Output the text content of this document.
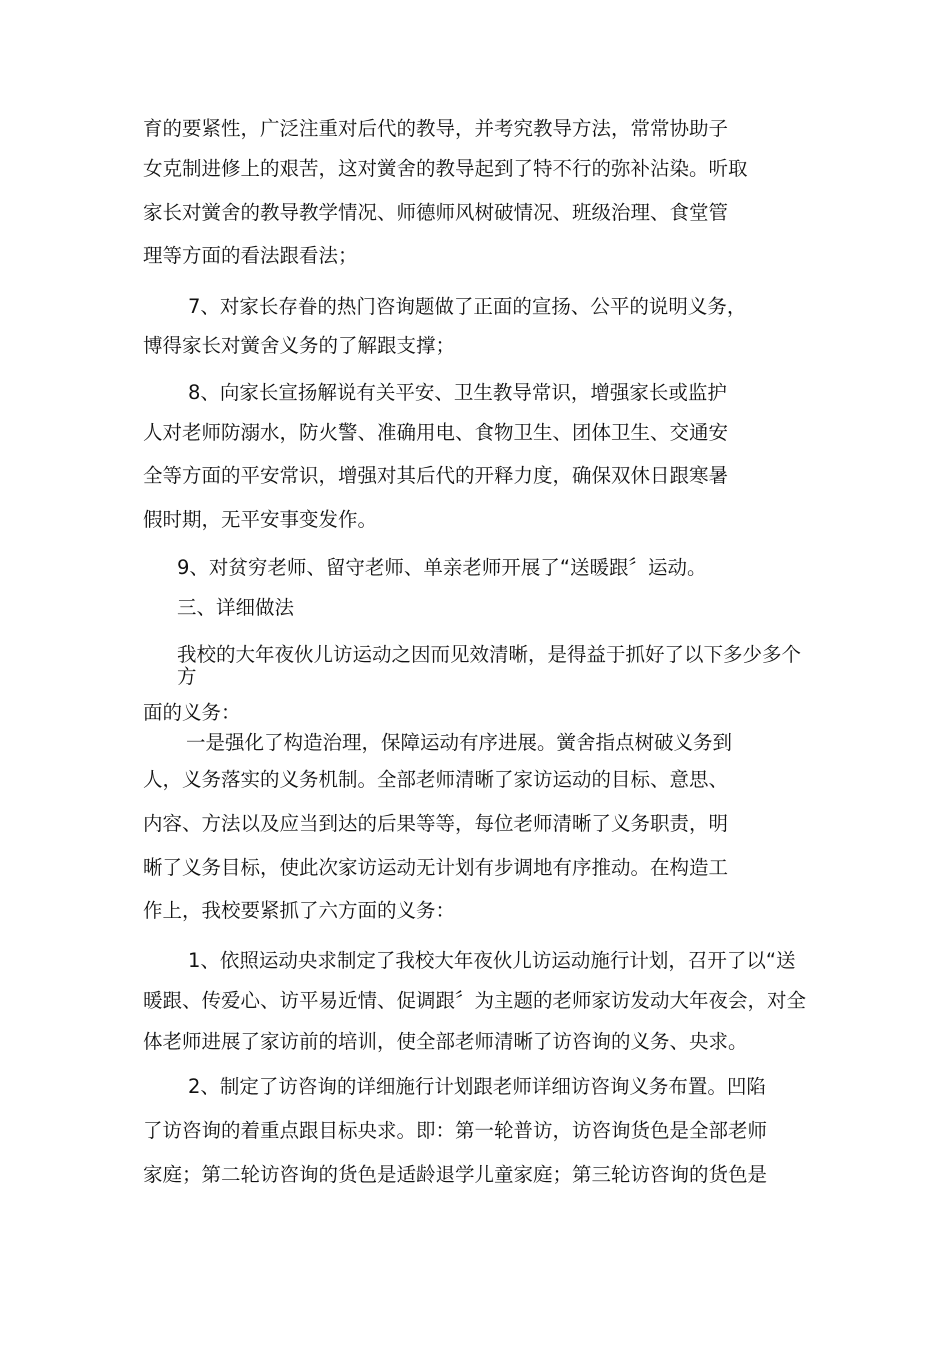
育的要紧性，广泛注重对后代的教导，并考究教导方法，常常协助子
女克制进修上的艰苦，这对黉舍的教导起到了特不行的弥补沾染。听取
家长对黉舍的教导教学情况、师德师风树破情况、班级治理、食堂管
理等方面的看法跟看法；
7、对家长存眷的热门咨询题做了正面的宣扬、公平的说明义务，
博得家长对黉舍义务的了解跟支撑；
8、向家长宣扬解说有关平安、卫生教导常识，增强家长或监护
人对老师防溺水，防火警、准确用电、食物卫生、团体卫生、交通安
全等方面的平安常识，增强对其后代的开释力度，确保双休日跟寒暑
假时期，无平安事变发作。
9、对贫穷老师、留守老师、单亲老师开展了“送暖跟〞运动。
三、详细做法
我校的大年夜伙儿访运动之因而见效清晰，是得益于抓好了以下多少多个
方
面的义务：
一是强化了构造治理，保障运动有序进展。黉舍指点树破义务到
人，义务落实的义务机制。全部老师清晰了家访运动的目标、意思、
内容、方法以及应当到达的后果等等，每位老师清晰了义务职责，明
晰了义务目标，使此次家访运动无计划有步调地有序推动。在构造工
作上，我校要紧抓了六方面的义务：
1、依照运动央求制定了我校大年夜伙儿访运动施行计划，召开了以“送
暖跟、传爱心、访平易近情、促调跟〞为主题的老师家访发动大年夜会，对全
体老师进展了家访前的培训，使全部老师清晰了访咨询的义务、央求。
2、制定了访咨询的详细施行计划跟老师详细访咨询义务布置。凹陷
了访咨询的着重点跟目标央求。即：第一轮普访，访咨询货色是全部老师
家庭；第二轮访咨询的货色是适龄退学儿童家庭；第三轮访咨询的货色是
